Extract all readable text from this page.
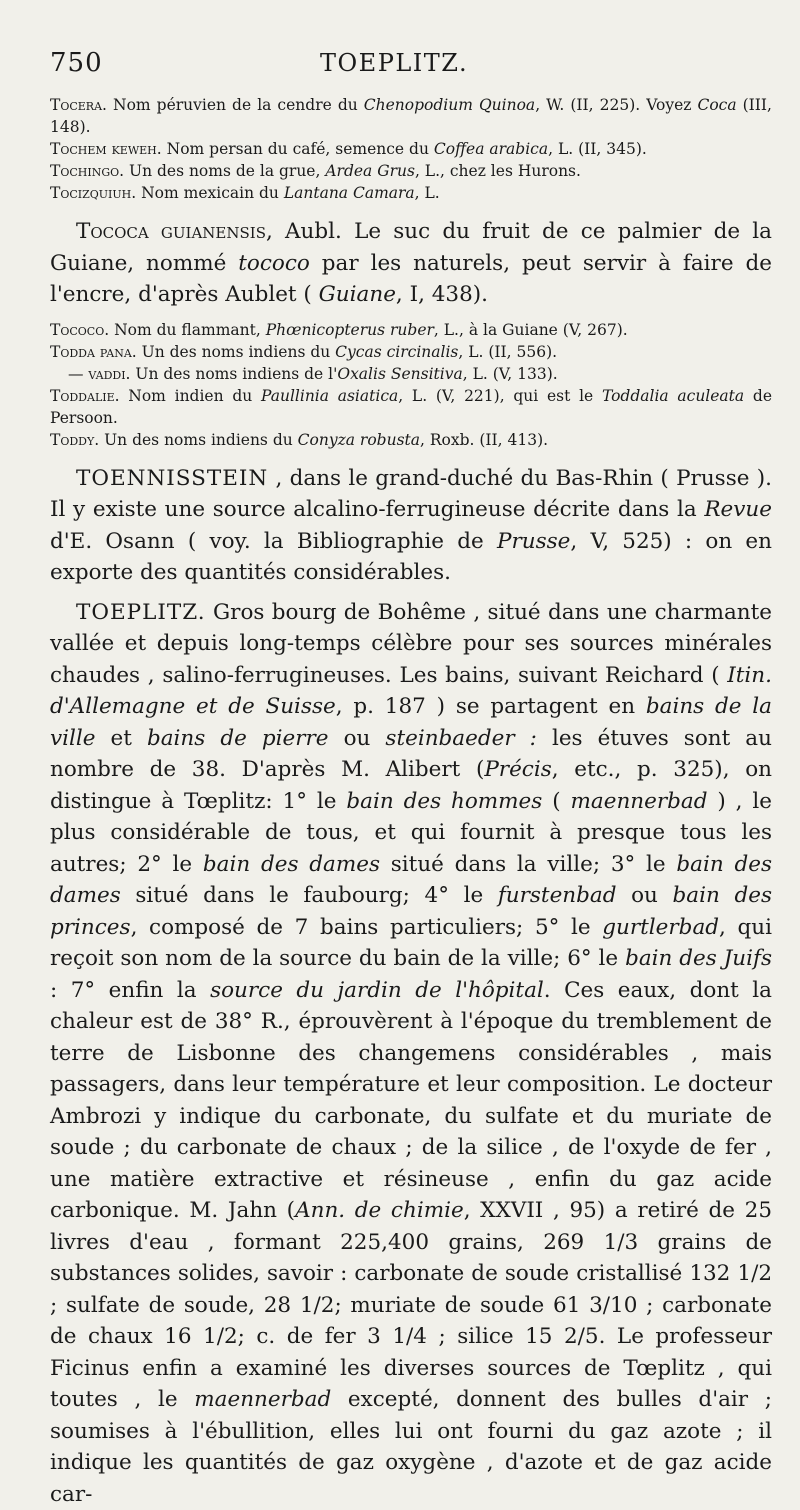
750	TOEPLITZ.

Tocera. Nom péruvien de la cendre du Chenopodium Quinoa, W. (II, 225). Voyez Coca (III, 148).

Tochem keweh. Nom persan du café, semence du Coffea arabica, L. (II, 345).

Tochingo. Un des noms de la grue, Ardea Grus, L., chez les Hurons.

Tocizquiuh. Nom mexicain du Lantana Camara, L.

Tococa guianensis, Aubl. Le suc du fruit de ce palmier de la Guiane, nommé tococo par les naturels, peut servir à faire de l'encre, d'après Aublet ( Guiane, I, 438).

Tococo. Nom du flammant, Phœnicopterus ruber, L., à la Guiane (V, 267).

Todda pana. Un des noms indiens du Cycas circinalis, L. (II, 556).

— vaddi. Un des noms indiens de l'Oxalis Sensitiva, L. (V, 133).

Toddalie. Nom indien du Paullinia asiatica, L. (V, 221), qui est le Toddalia aculeata de Persoon.

Toddy. Un des noms indiens du Conyza robusta, Roxb. (II, 413).

TOENNISSTEIN , dans le grand-duché du Bas-Rhin ( Prusse ). Il y existe une source alcalino-ferrugineuse décrite dans la Revue d'E. Osann ( voy. la Bibliographie de Prusse, V, 525) : on en exporte des quantités considérables.

TOEPLITZ. Gros bourg de Bohême , situé dans une charmante vallée et depuis long-temps célèbre pour ses sources minérales chaudes , salino-ferrugineuses. Les bains, suivant Reichard ( Itin. d'Allemagne et de Suisse, p. 187 ) se partagent en bains de la ville et bains de pierre ou steinbaeder : les étuves sont au nombre de 38. D'après M. Alibert (Précis, etc., p. 325), on distingue à Tœplitz: 1° le bain des hommes ( maennerbad ) , le plus considérable de tous, et qui fournit à presque tous les autres; 2° le bain des dames situé dans la ville; 3° le bain des dames situé dans le faubourg; 4° le furstenbad ou bain des princes, composé de 7 bains particuliers; 5° le gurtlerbad, qui reçoit son nom de la source du bain de la ville; 6° le bain des Juifs : 7° enfin la source du jardin de l'hôpital. Ces eaux, dont la chaleur est de 38° R., éprouvèrent à l'époque du tremblement de terre de Lisbonne des changemens considérables , mais passagers, dans leur température et leur composition. Le docteur Ambrozi y indique du carbonate, du sulfate et du muriate de soude ; du carbonate de chaux ; de la silice , de l'oxyde de fer , une matière extractive et résineuse , enfin du gaz acide carbonique. M. Jahn (Ann. de chimie, XXVII , 95) a retiré de 25 livres d'eau , formant 225,400 grains, 269 1/3 grains de substances solides, savoir : carbonate de soude cristallisé 132 1/2 ; sulfate de soude, 28 1/2; muriate de soude 61 3/10 ; carbonate de chaux 16 1/2; c. de fer 3 1/4 ; silice 15 2/5. Le professeur Ficinus enfin a examiné les diverses sources de Tœplitz , qui toutes , le maennerbad excepté, donnent des bulles d'air ; soumises à l'ébullition, elles lui ont fourni du gaz azote ; il indique les quantités de gaz oxygène , d'azote et de gaz acide car-
